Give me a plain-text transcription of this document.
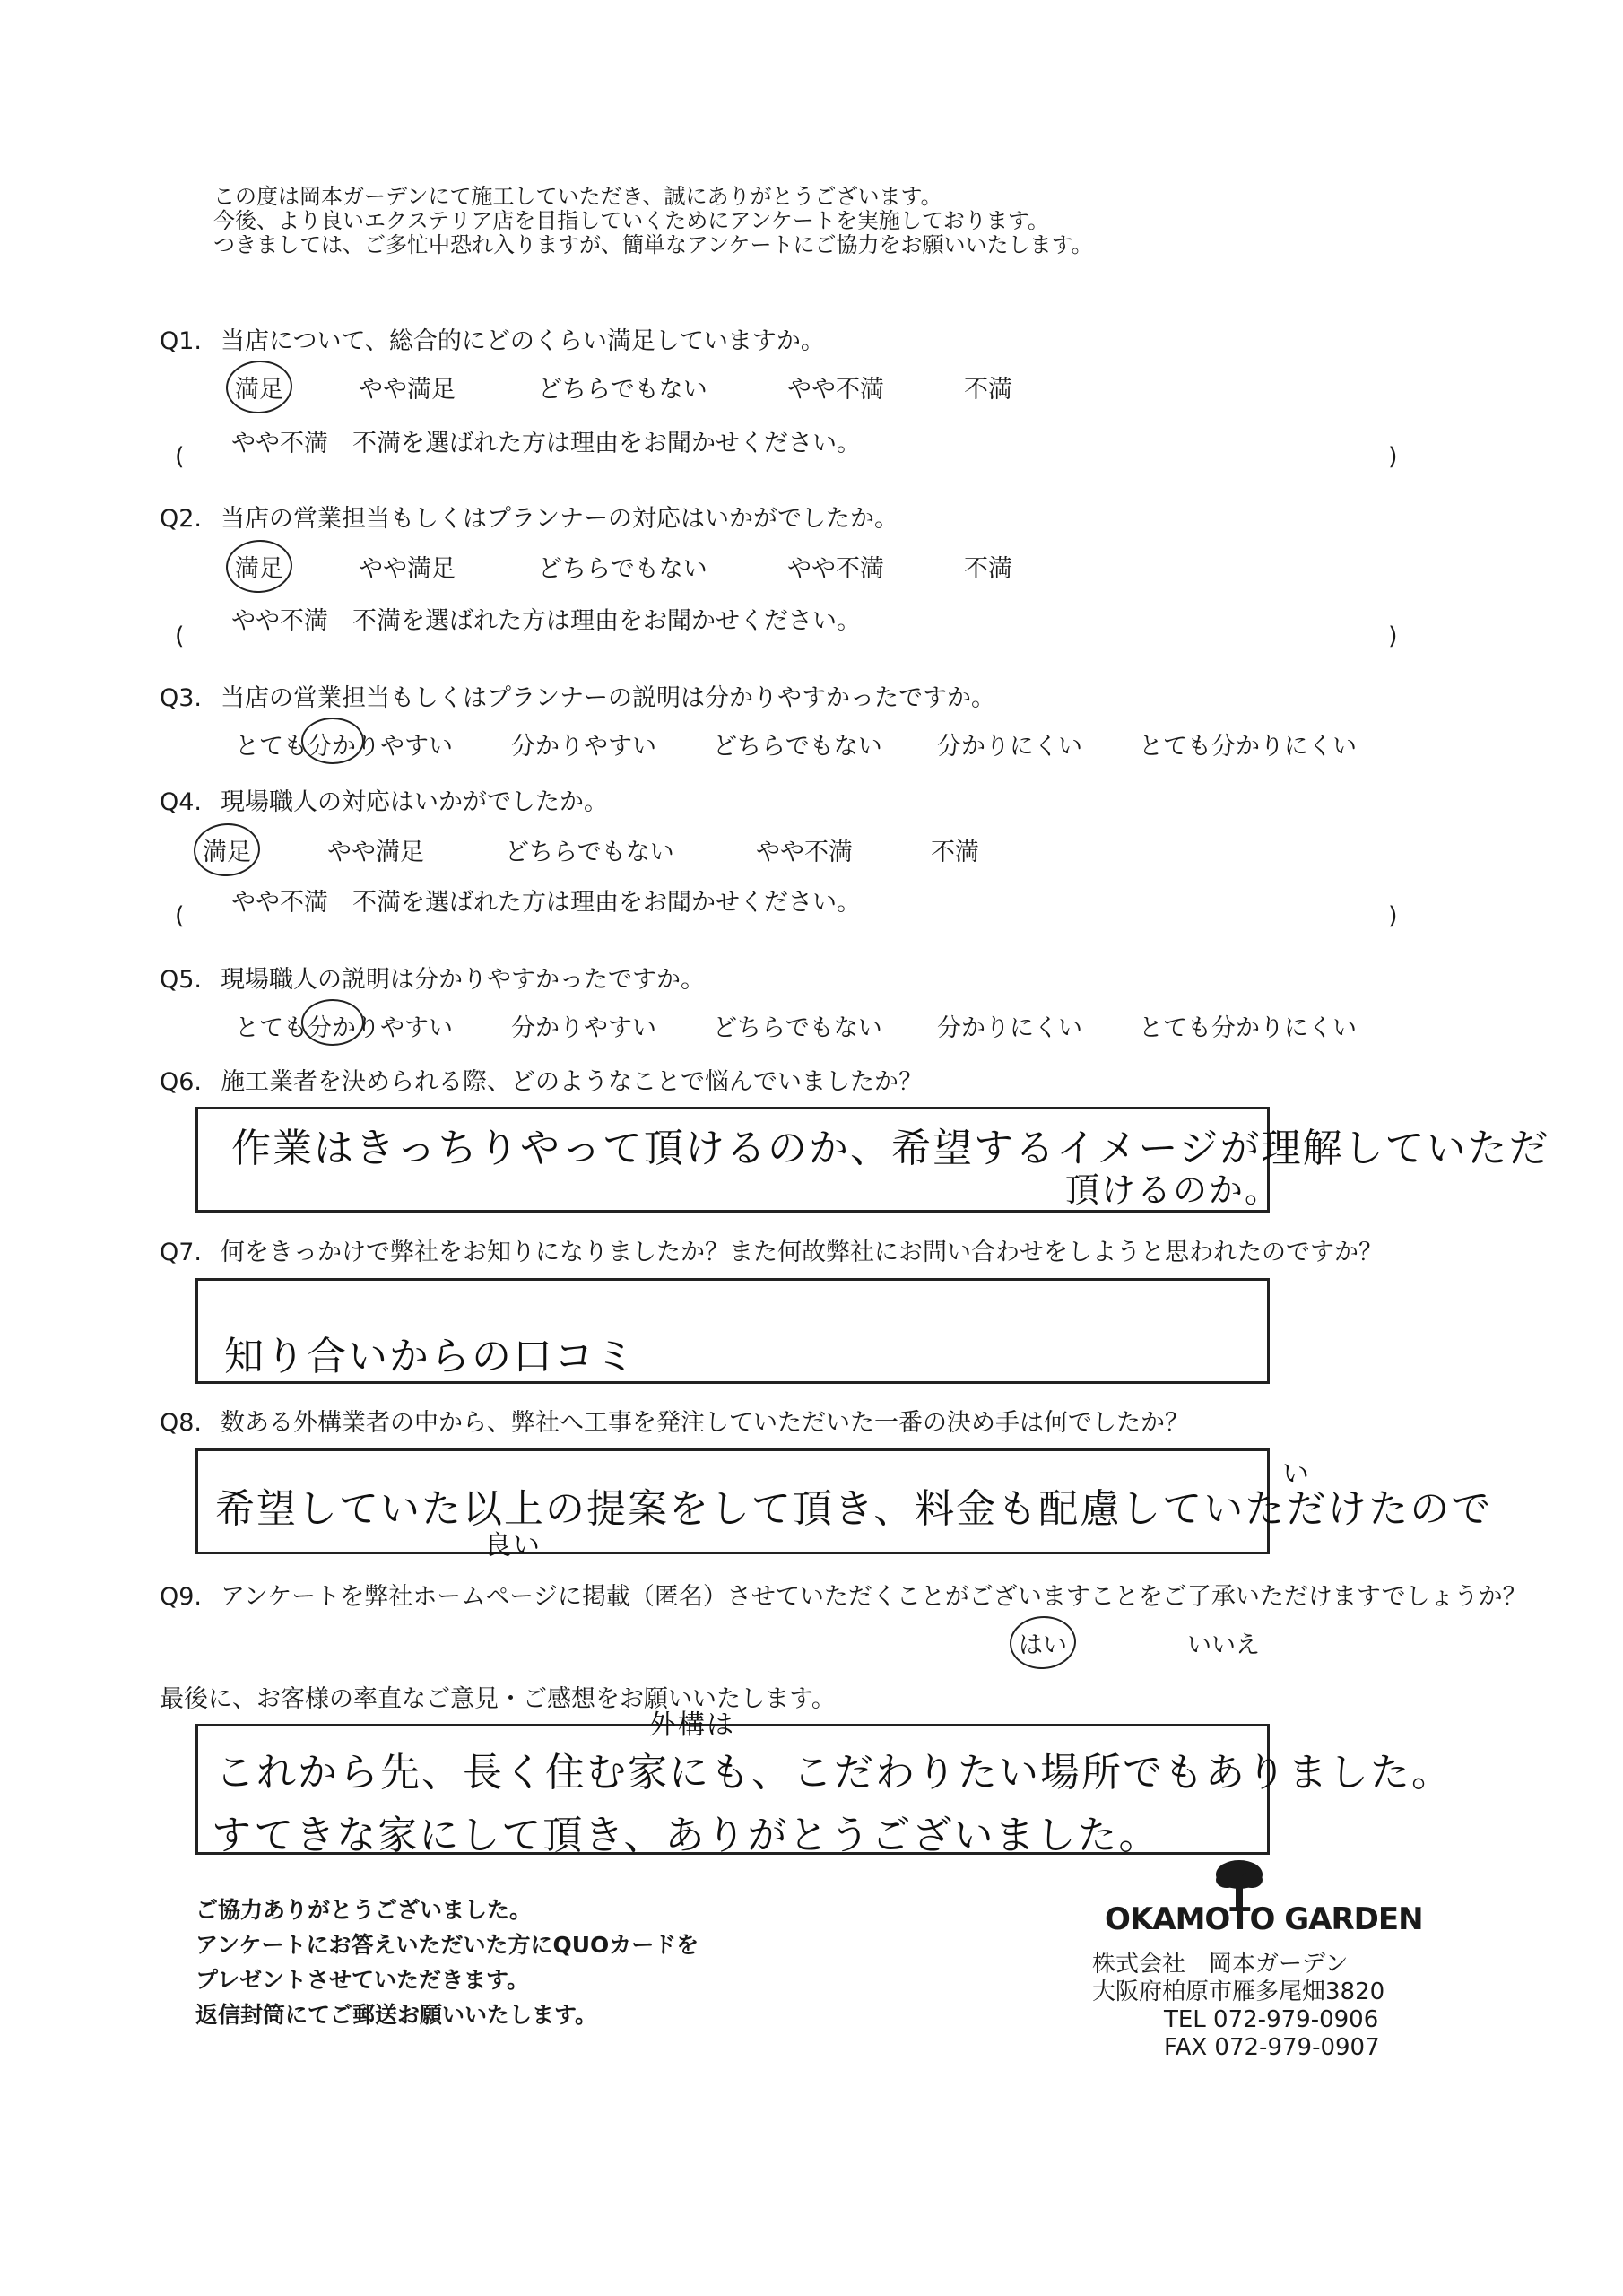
この度は岡本ガーデンにて施工していただき、誠にありがとうございます。
今後、より良いエクステリア店を目指していくためにアンケートを実施しております。
つきましては、ご多忙中恐れ入りますが、簡単なアンケートにご協力をお願いいたします。
Q1. 当店について、総合的にどのくらい満足していますか。
満足	やや満足	どちらでもない	やや不満	不満
やや不満　不満を選ばれた方は理由をお聞かせください。
(	)
Q2. 当店の営業担当もしくはプランナーの対応はいかがでしたか。
満足	やや満足	どちらでもない	やや不満	不満
やや不満　不満を選ばれた方は理由をお聞かせください。
(	)
Q3. 当店の営業担当もしくはプランナーの説明は分かりやすかったですか。
とても分かりやすい 分かりやすい どちらでもない 分かりにくい とても分かりにくい
Q4. 現場職人の対応はいかがでしたか。
満足	やや満足	どちらでもない	やや不満	不満
やや不満　不満を選ばれた方は理由をお聞かせください。
(	)
Q5. 現場職人の説明は分かりやすかったですか。
とても分かりやすい 分かりやすい どちらでもない 分かりにくい とても分かりにくい
Q6. 施工業者を決められる際、どのようなことで悩んでいましたか？
作業はきっちりやって頂けるのか、希望するイメージが理解していただ
頂けるのか。
Q7. 何をきっかけで弊社をお知りになりましたか？また何故弊社にお問い合わせをしようと思われたのですか？
知り合いからの口コミ
Q8. 数ある外構業者の中から、弊社へ工事を発注していただいた一番の決め手は何でしたか？
希望していた以上の提案をして頂き、料金も配慮していただけたので
良い
い
Q9. アンケートを弊社ホームページに掲載（匿名）させていただくことがございますことをご了承いただけますでしょうか？
はい	いいえ
最後に、お客様の率直なご意見・ご感想をお願いいたします。
これから先、長く住む家にも、こだわりたい場所でもありました。
すてきな家にして頂き、ありがとうございました。
外構は
ご協力ありがとうございました。
アンケートにお答えいただいた方にQUOカードを
プレゼントさせていただきます。
返信封筒にてご郵送お願いいたします。
OKAMOTO GARDEN
株式会社　岡本ガーデン
大阪府柏原市雁多尾畑3820
TEL 072-979-0906
FAX 072-979-0907
